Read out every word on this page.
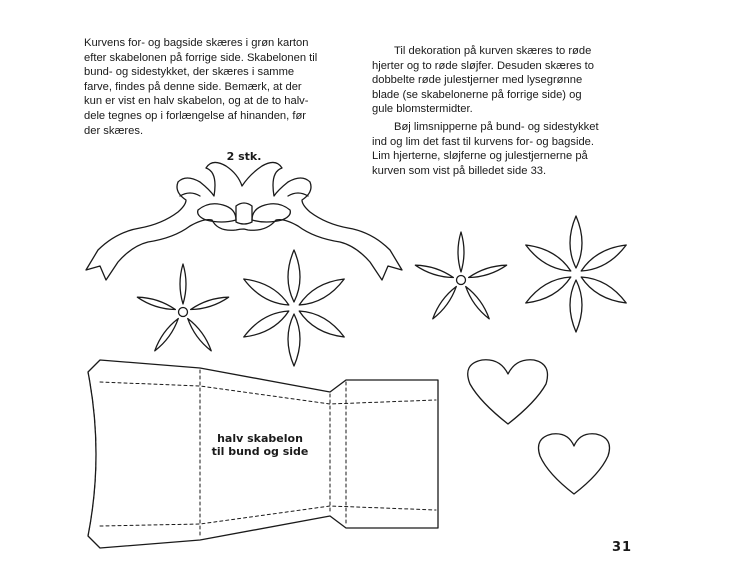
Kurvens for- og bagside skæres i grøn karton
efter skabelonen på forrige side. Skabelonen til
bund- og sidestykket, der skæres i samme
farve, findes på denne side. Bemærk, at der
kun er vist en halv skabelon, og at de to halv-
dele tegnes op i forlængelse af hinanden, før
der skæres.

Til dekoration på kurven skæres to røde
hjerter og to røde sløjfer. Desuden skæres to
dobbelte røde julestjerner med lysegrønne
blade (se skabelonerne på forrige side) og
gule blomstermidter.

Bøj limsnipperne på bund- og sidestykket
ind og lim det fast til kurvens for- og bagside.
Lim hjerterne, sløjferne og julestjernerne på
kurven som vist på billedet side 33.

2 stk.
halv skabelon
til bund og side
31
